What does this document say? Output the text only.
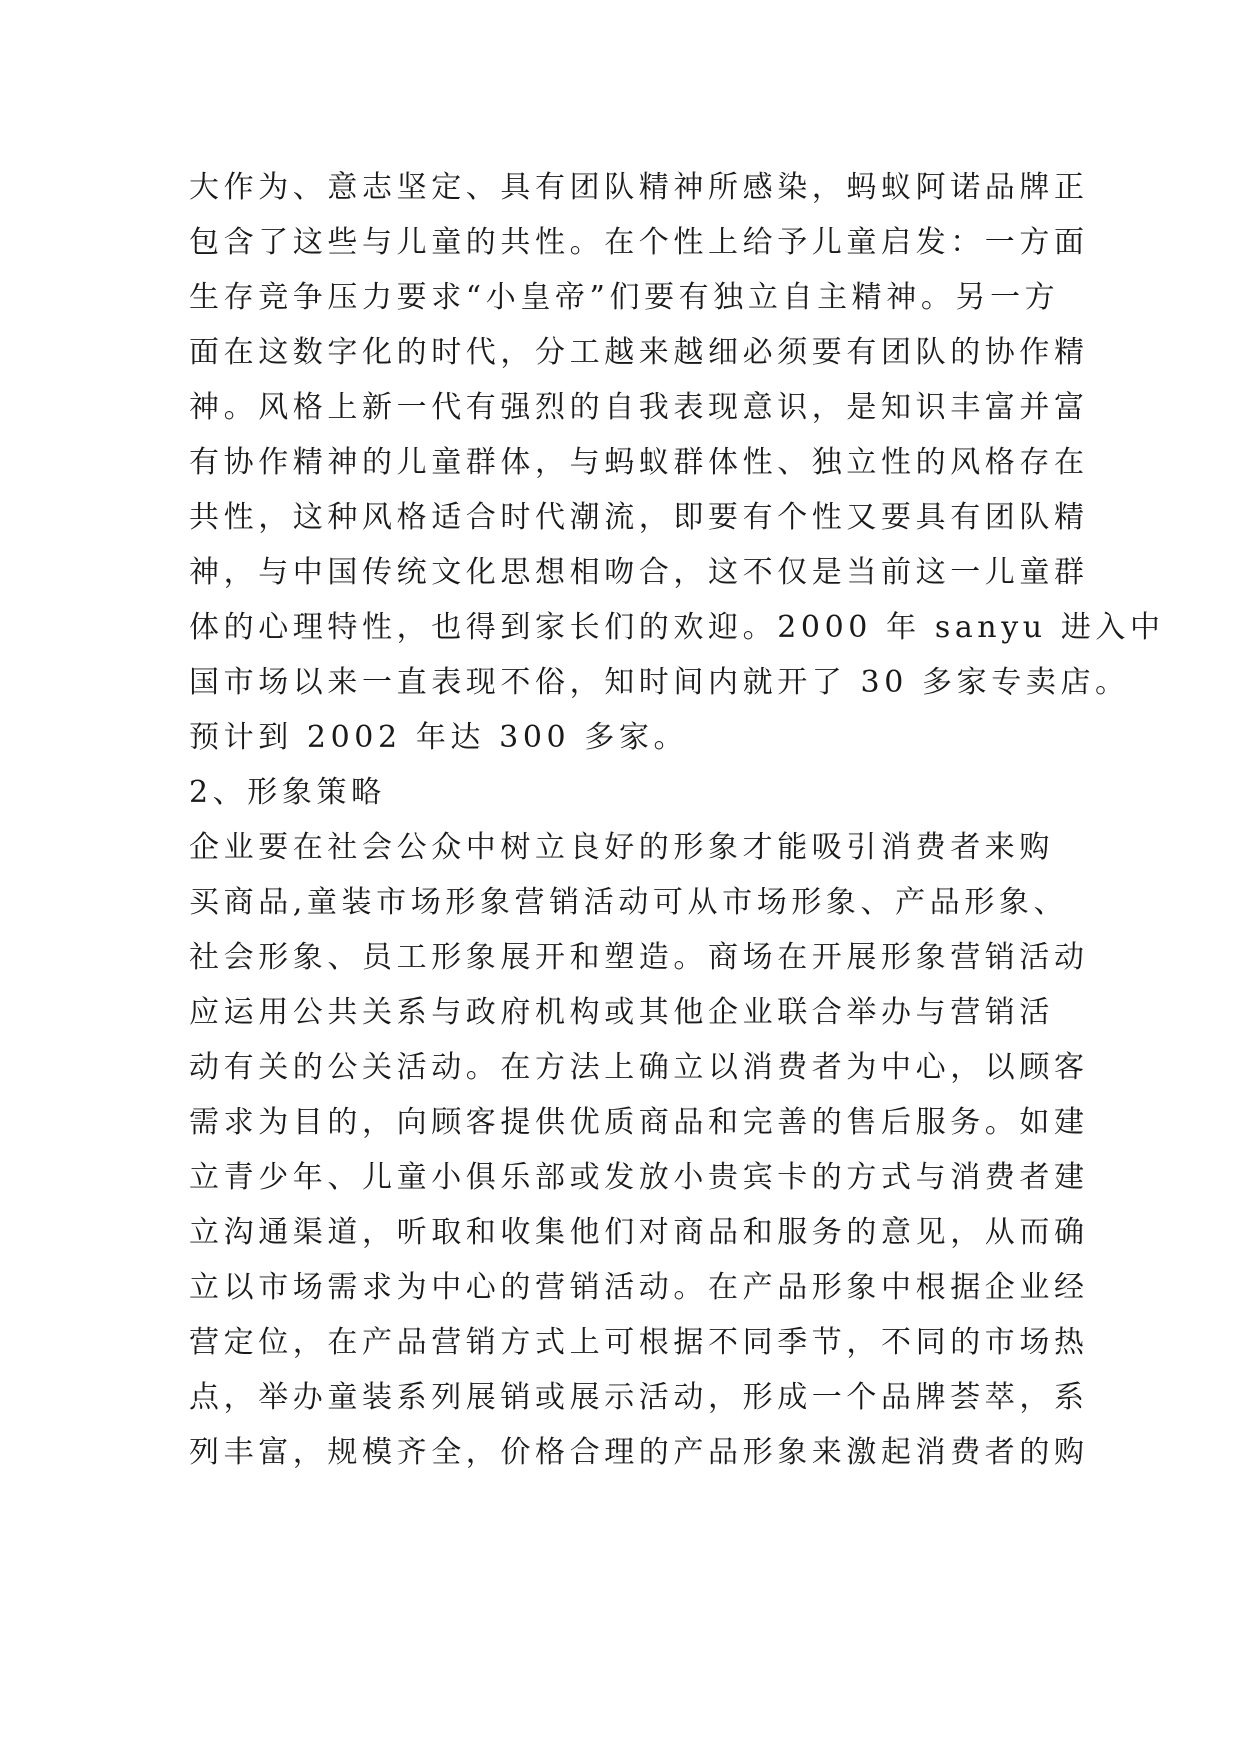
大作为、意志坚定、具有团队精神所感染，蚂蚁阿诺品牌正
包含了这些与儿童的共性。在个性上给予儿童启发：一方面
生存竞争压力要求“小皇帝”们要有独立自主精神。另一方
面在这数字化的时代，分工越来越细必须要有团队的协作精
神。风格上新一代有强烈的自我表现意识，是知识丰富并富
有协作精神的儿童群体，与蚂蚁群体性、独立性的风格存在
共性，这种风格适合时代潮流，即要有个性又要具有团队精
神，与中国传统文化思想相吻合，这不仅是当前这一儿童群
体的心理特性，也得到家长们的欢迎。2000 年 sanyu 进入中
国市场以来一直表现不俗，知时间内就开了 30 多家专卖店。
预计到 2002 年达 300 多家。
2、形象策略
企业要在社会公众中树立良好的形象才能吸引消费者来购
买商品,童装市场形象营销活动可从市场形象、产品形象、
社会形象、员工形象展开和塑造。商场在开展形象营销活动
应运用公共关系与政府机构或其他企业联合举办与营销活
动有关的公关活动。在方法上确立以消费者为中心，以顾客
需求为目的，向顾客提供优质商品和完善的售后服务。如建
立青少年、儿童小俱乐部或发放小贵宾卡的方式与消费者建
立沟通渠道，听取和收集他们对商品和服务的意见，从而确
立以市场需求为中心的营销活动。在产品形象中根据企业经
营定位，在产品营销方式上可根据不同季节，不同的市场热
点，举办童装系列展销或展示活动，形成一个品牌荟萃，系
列丰富，规模齐全，价格合理的产品形象来激起消费者的购
